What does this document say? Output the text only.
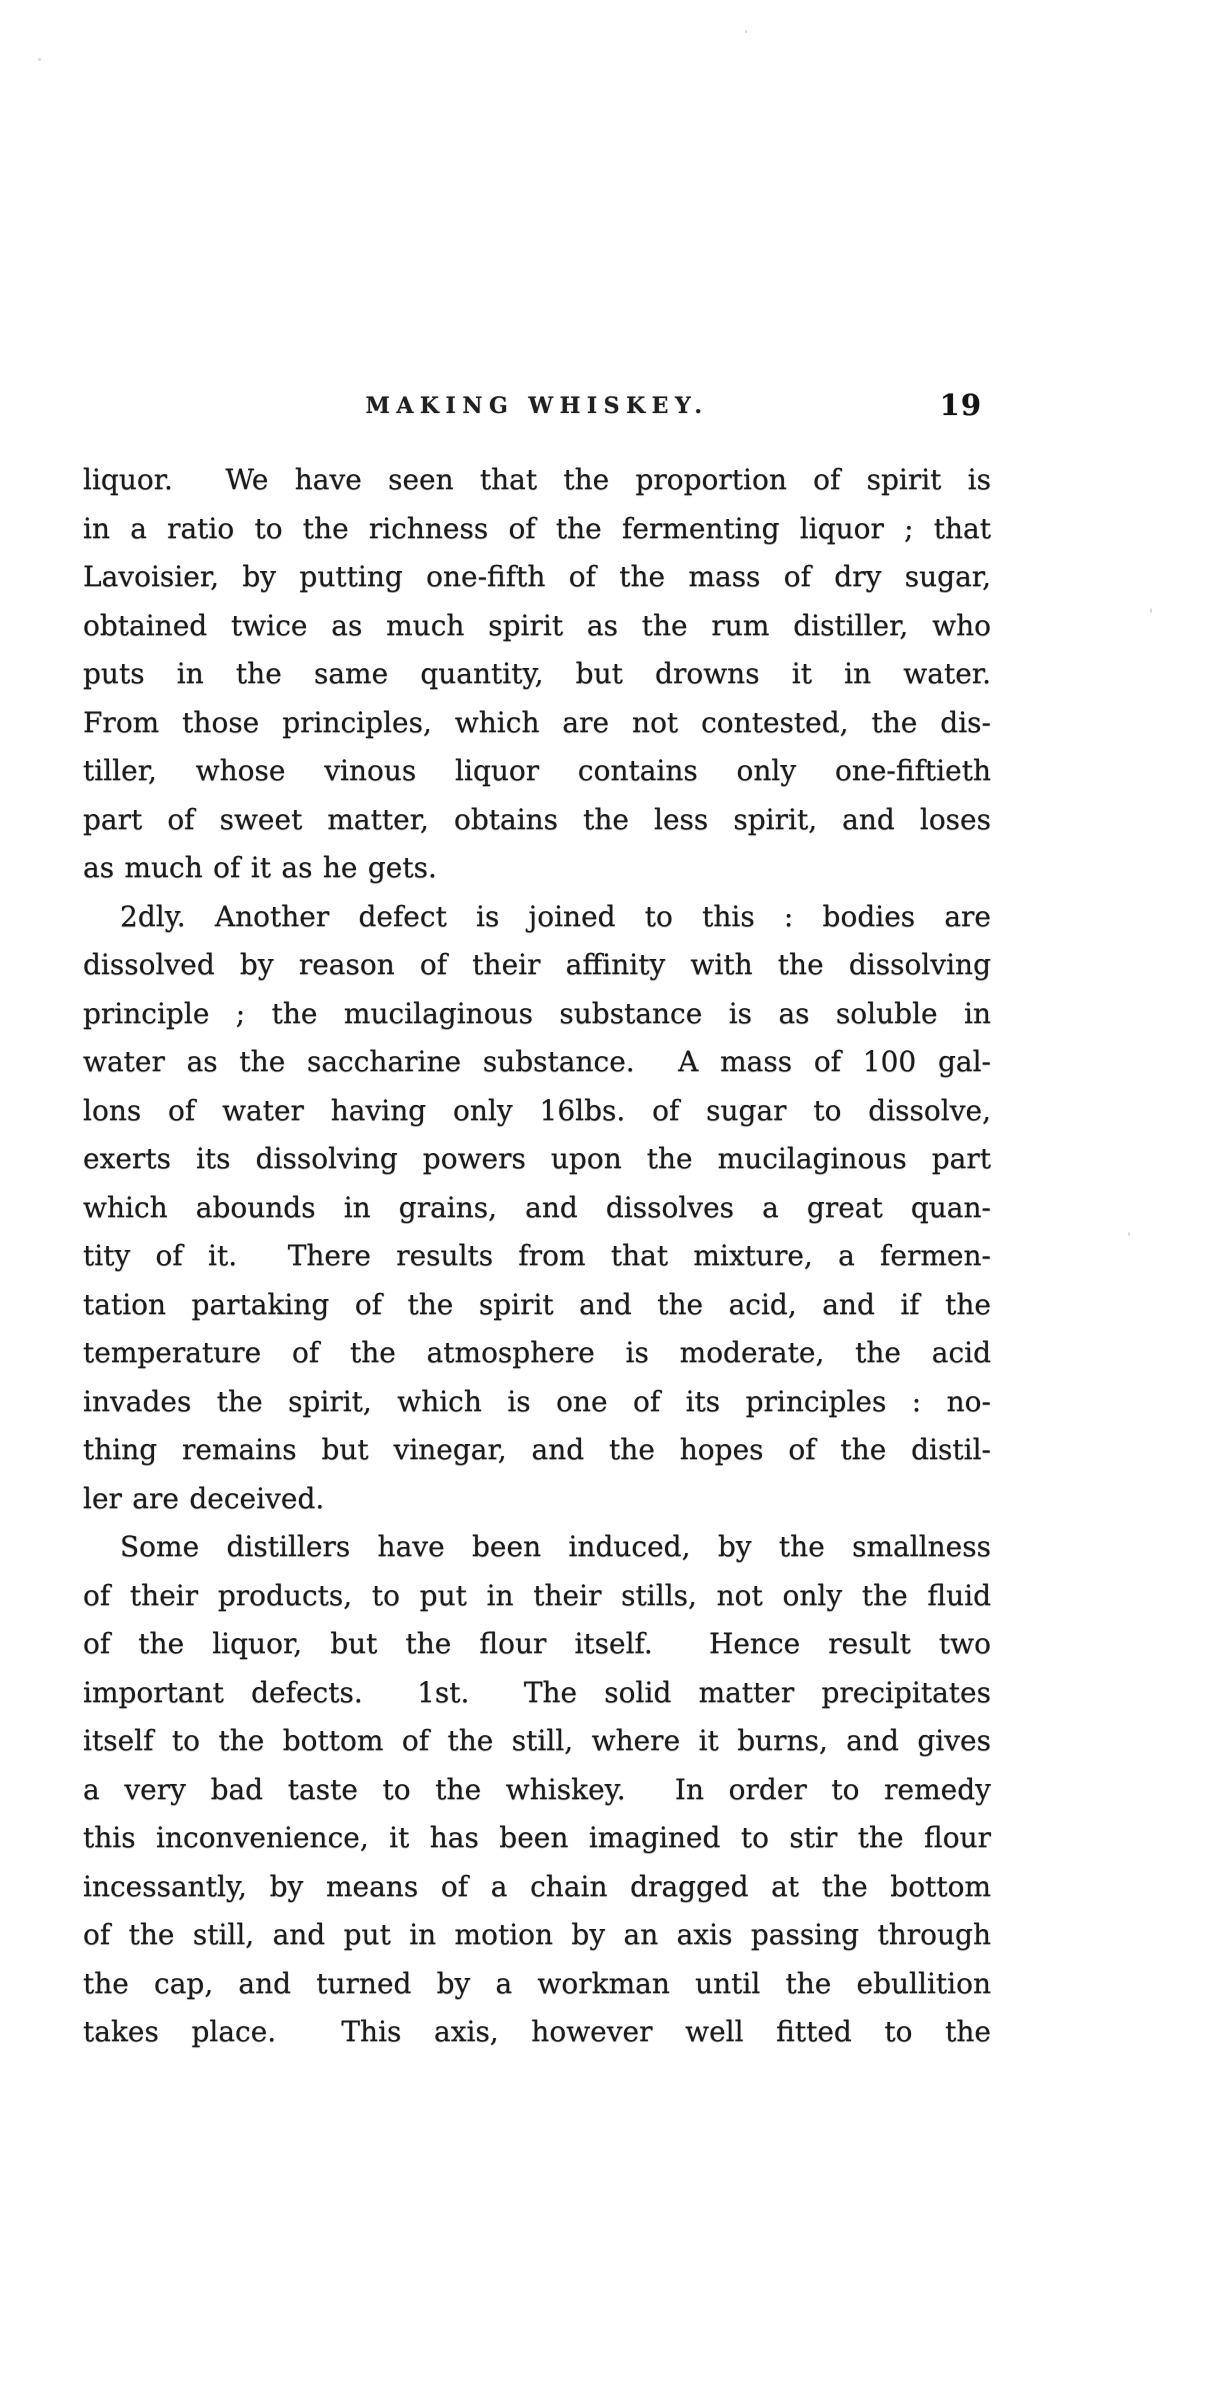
MAKING WHISKEY.	19
liquor.  We have seen that the proportion of spirit is
in a ratio to the richness of the fermenting liquor ; that
Lavoisier, by putting one-fifth of the mass of dry sugar,
obtained twice as much spirit as the rum distiller, who
puts in the same quantity, but drowns it in water.
From those principles, which are not contested, the dis-
tiller, whose vinous liquor contains only one-fiftieth
part of sweet matter, obtains the less spirit, and loses
as much of it as he gets.
2dly. Another defect is joined to this : bodies are
dissolved by reason of their affinity with the dissolving
principle ; the mucilaginous substance is as soluble in
water as the saccharine substance.  A mass of 100 gal-
lons of water having only 16lbs. of sugar to dissolve,
exerts its dissolving powers upon the mucilaginous part
which abounds in grains, and dissolves a great quan-
tity of it.  There results from that mixture, a fermen-
tation partaking of the spirit and the acid, and if the
temperature of the atmosphere is moderate, the acid
invades the spirit, which is one of its principles : no-
thing remains but vinegar, and the hopes of the distil-
ler are deceived.
Some distillers have been induced, by the smallness
of their products, to put in their stills, not only the fluid
of the liquor, but the flour itself.  Hence result two
important defects.  1st.  The solid matter precipitates
itself to the bottom of the still, where it burns, and gives
a very bad taste to the whiskey.  In order to remedy
this inconvenience, it has been imagined to stir the flour
incessantly, by means of a chain dragged at the bottom
of the still, and put in motion by an axis passing through
the cap, and turned by a workman until the ebullition
takes place.  This axis, however well fitted to the
